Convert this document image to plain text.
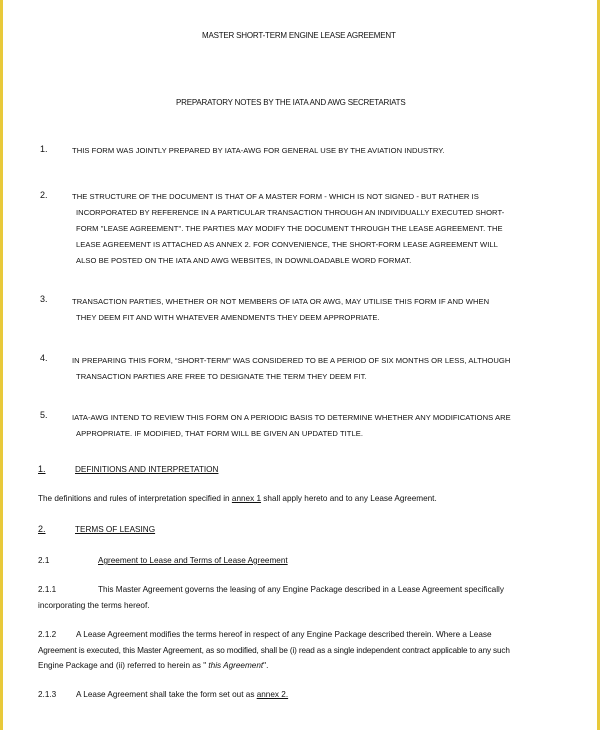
MASTER SHORT-TERM ENGINE LEASE AGREEMENT
PREPARATORY NOTES BY THE IATA AND AWG SECRETARIATS
1.	THIS FORM WAS JOINTLY PREPARED BY IATA-AWG FOR GENERAL USE BY THE AVIATION INDUSTRY.
2.	THE STRUCTURE OF THE DOCUMENT IS THAT OF A MASTER FORM - WHICH IS NOT SIGNED - BUT RATHER IS
INCORPORATED BY REFERENCE IN A PARTICULAR TRANSACTION THROUGH AN INDIVIDUALLY EXECUTED SHORT-
FORM "LEASE AGREEMENT". THE PARTIES MAY MODIFY THE DOCUMENT THROUGH THE LEASE AGREEMENT. THE
LEASE AGREEMENT IS ATTACHED AS ANNEX 2. FOR CONVENIENCE, THE SHORT-FORM LEASE AGREEMENT WILL
ALSO BE POSTED ON THE IATA AND AWG WEBSITES, IN DOWNLOADABLE WORD FORMAT.
3.	TRANSACTION PARTIES, WHETHER OR NOT MEMBERS OF IATA OR AWG, MAY UTILISE THIS FORM IF AND WHEN
THEY DEEM FIT AND WITH WHATEVER AMENDMENTS THEY DEEM APPROPRIATE.
4.	IN PREPARING THIS FORM, “SHORT-TERM” WAS CONSIDERED TO BE A PERIOD OF SIX MONTHS OR LESS, ALTHOUGH
TRANSACTION PARTIES ARE FREE TO DESIGNATE THE TERM THEY DEEM FIT.
5.	IATA-AWG INTEND TO REVIEW THIS FORM ON A PERIODIC BASIS TO DETERMINE WHETHER ANY MODIFICATIONS ARE
APPROPRIATE. IF MODIFIED, THAT FORM WILL BE GIVEN AN UPDATED TITLE.
1.	DEFINITIONS AND INTERPRETATION
The definitions and rules of interpretation specified in annex 1 shall apply hereto and to any Lease Agreement.
2.	TERMS OF LEASING
2.1	Agreement to Lease and Terms of Lease Agreement
2.1.1	This Master Agreement governs the leasing of any Engine Package described in a Lease Agreement specifically
incorporating the terms hereof.
2.1.2 A Lease Agreement modifies the terms hereof in respect of any Engine Package described therein. Where a Lease
Agreement is executed, this Master Agreement, as so modified, shall be (i) read as a single independent contract applicable to any such
Engine Package and (ii) referred to herein as " this Agreement".
2.1.3 A Lease Agreement shall take the form set out as annex 2.
